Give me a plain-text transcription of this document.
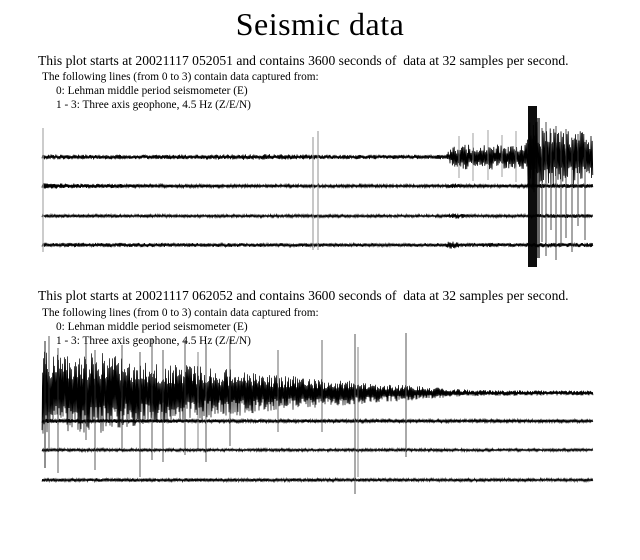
Seismic data
This plot starts at 20021117 052051 and contains 3600 seconds of  data at 32 samples per second.
The following lines (from 0 to 3) contain data captured from:
0: Lehman middle period seismometer (E)
1 - 3: Three axis geophone, 4.5 Hz (Z/E/N)
This plot starts at 20021117 062052 and contains 3600 seconds of  data at 32 samples per second.
The following lines (from 0 to 3) contain data captured from:
0: Lehman middle period seismometer (E)
1 - 3: Three axis geophone, 4.5 Hz (Z/E/N)
